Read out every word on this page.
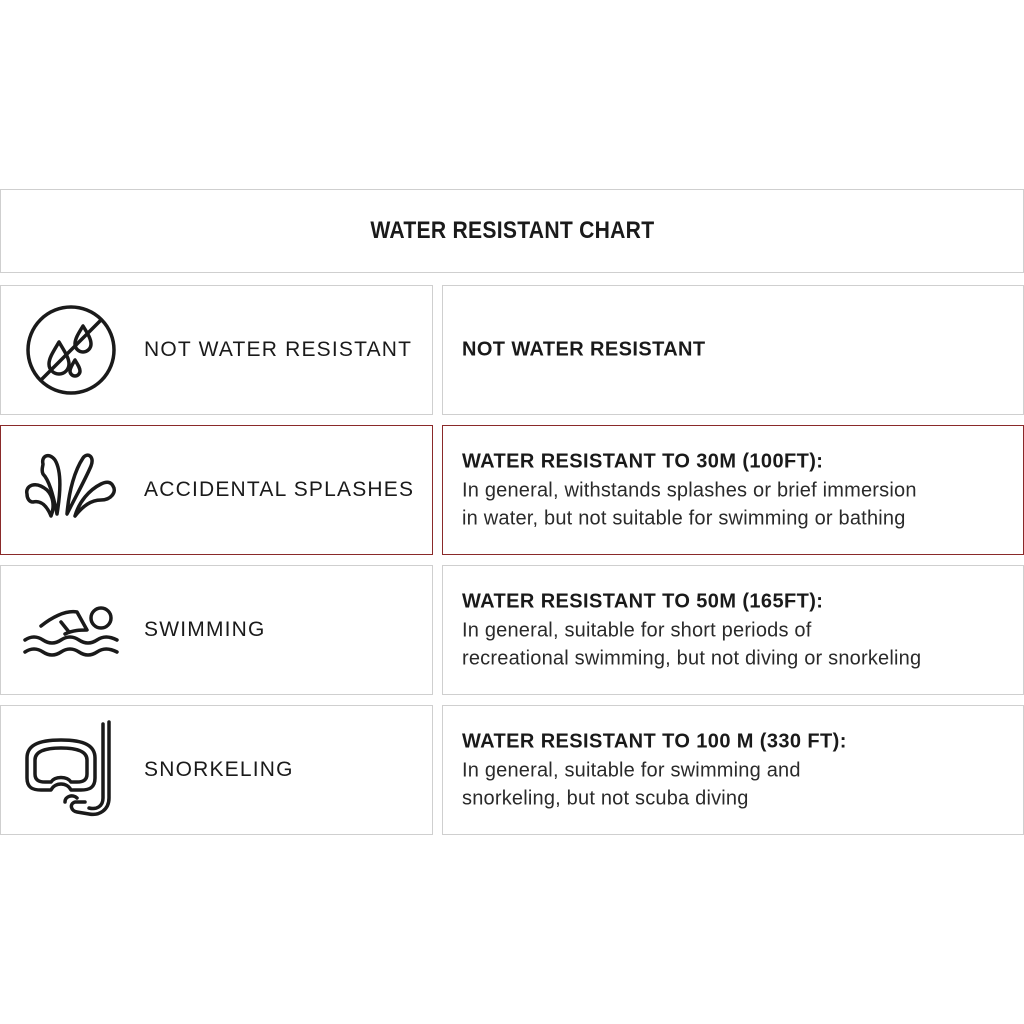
WATER RESISTANT CHART
NOT WATER RESISTANT NOT WATER RESISTANT
ACCIDENTAL SPLASHES
WATER RESISTANT TO 30M (100FT):
In general, withstands splashes or brief immersion
in water, but not suitable for swimming or bathing
SWIMMING
WATER RESISTANT TO 50M (165FT):
In general, suitable for short periods of
recreational swimming, but not diving or snorkeling
SNORKELING
WATER RESISTANT TO 100 M (330 FT):
In general, suitable for swimming and
snorkeling, but not scuba diving
